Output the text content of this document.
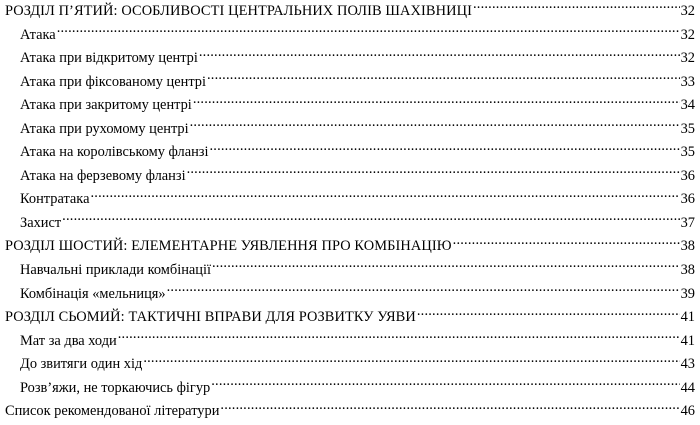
РОЗДІЛ П’ЯТИЙ: ОСОБЛИВОСТІ ЦЕНТРАЛЬНИХ ПОЛІВ ШАХІВНИЦІ .....	32
Атака .....	32
Атака при відкритому центрі .....	32
Атака при фіксованому центрі .....	33
Атака при закритому центрі .....	34
Атака при рухомому центрі .....	35
Атака на королівському фланзі .....	35
Атака на ферзевому фланзі .....	36
Контратака .....	36
Захист .....	37
РОЗДІЛ ШОСТИЙ: ЕЛЕМЕНТАРНЕ УЯВЛЕННЯ ПРО КОМБІНАЦІЮ .....	38
Навчальні приклади комбінації .....	38
Комбінація «мельниця» .....	39
РОЗДІЛ СЬОМИЙ: ТАКТИЧНІ ВПРАВИ ДЛЯ РОЗВИТКУ УЯВИ .....	41
Мат за два ходи .....	41
До звитяги один хід .....	43
Розв’яжи, не торкаючись фігур .....	44
Список рекомендованої літератури .....	46
